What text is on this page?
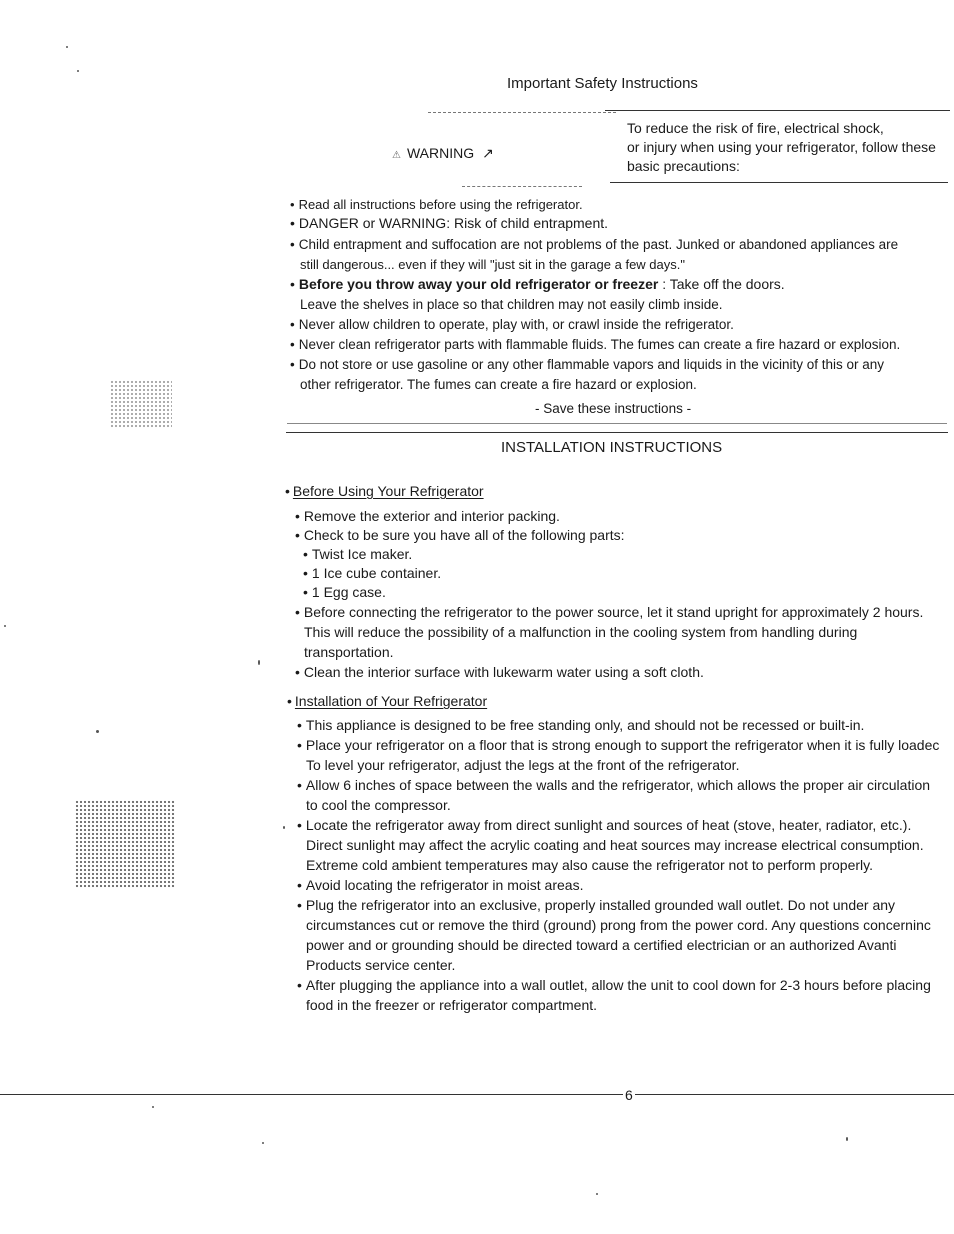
Important Safety Instructions
⚠ WARNING ↗
To reduce the risk of fire, electrical shock,
or injury when using your refrigerator, follow these
basic precautions:
• Read all instructions before using the refrigerator.
• DANGER or WARNING: Risk of child entrapment.
• Child entrapment and suffocation are not problems of the past. Junked or abandoned appliances are
still dangerous... even if they will "just sit in the garage a few days."
• Before you throw away your old refrigerator or freezer : Take off the doors.
Leave the shelves in place so that children may not easily climb inside.
• Never allow children to operate, play with, or crawl inside the refrigerator.
• Never clean refrigerator parts with flammable fluids. The fumes can create a fire hazard or explosion.
• Do not store or use gasoline or any other flammable vapors and liquids in the vicinity of this or any
other refrigerator. The fumes can create a fire hazard or explosion.
- Save these instructions -
INSTALLATION INSTRUCTIONS
• Before Using Your Refrigerator
• Remove the exterior and interior packing.
• Check to be sure you have all of the following parts:
• Twist Ice maker.
• 1 Ice cube container.
• 1 Egg case.
• Before connecting the refrigerator to the power source, let it stand upright for approximately 2 hours.
This will reduce the possibility of a malfunction in the cooling system from handling during
transportation.
• Clean the interior surface with lukewarm water using a soft cloth.
• Installation of Your Refrigerator
• This appliance is designed to be free standing only, and should not be recessed or built-in.
• Place your refrigerator on a floor that is strong enough to support the refrigerator when it is fully loadec
To level your refrigerator, adjust the legs at the front of the refrigerator.
• Allow 6 inches of space between the walls and the refrigerator, which allows the proper air circulation
to cool the compressor.
• Locate the refrigerator away from direct sunlight and sources of heat (stove, heater, radiator, etc.).
Direct sunlight may affect the acrylic coating and heat sources may increase electrical consumption.
Extreme cold ambient temperatures may also cause the refrigerator not to perform properly.
• Avoid locating the refrigerator in moist areas.
• Plug the refrigerator into an exclusive, properly installed grounded wall outlet. Do not under any
circumstances cut or remove the third (ground) prong from the power cord. Any questions concerninc
power and or grounding should be directed toward a certified electrician or an authorized Avanti
Products service center.
• After plugging the appliance into a wall outlet, allow the unit to cool down for 2-3 hours before placing
food in the freezer or refrigerator compartment.
6
